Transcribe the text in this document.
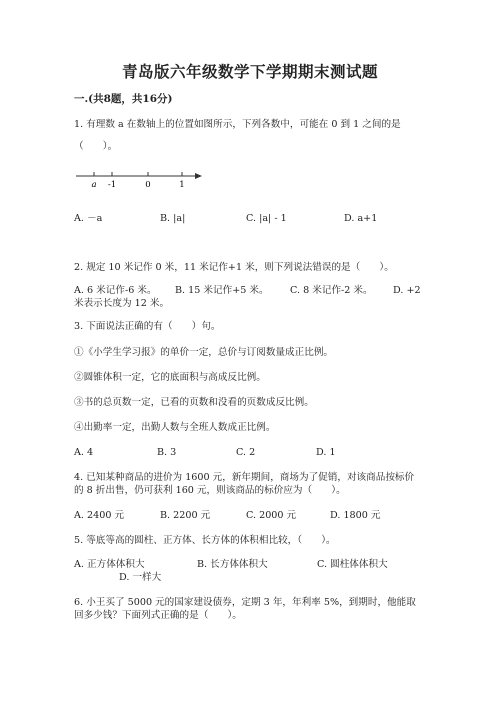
青岛版六年级数学下学期期末测试题
一.(共8题，共16分)
1. 有理数 a 在数轴上的位置如图所示，下列各数中，可能在 0 到 1 之间的是
（　　）。
a -1	0	1
A. －a	B. |a|	C. |a| - 1	D. a+1
2. 规定 10 米记作 0 米，11 米记作+1 米，则下列说法错误的是（　　）。
A. 6 米记作-6 米。 B. 15 米记作+5 米。 C. 8 米记作-2 米。 D. +2
米表示长度为 12 米。
3. 下面说法正确的有（　　）句。
①《小学生学习报》的单价一定，总价与订阅数量成正比例。
②圆锥体积一定，它的底面积与高成反比例。
③书的总页数一定，已看的页数和没看的页数成反比例。
④出勤率一定，出勤人数与全班人数成正比例。
A. 4	B. 3	C. 2	D. 1
4. 已知某种商品的进价为 1600 元，新年期间，商场为了促销，对该商品按标价
的 8 折出售，仍可获利 160 元，则该商品的标价应为（　　）。
A. 2400 元	B. 2200 元	C. 2000 元	D. 1800 元
5. 等底等高的圆柱、正方体、长方体的体积相比较，（　　）。
A. 正方体体积大	B. 长方体体积大	C. 圆柱体体积大
D. 一样大
6. 小王买了 5000 元的国家建设债券，定期 3 年，年利率 5%，到期时，他能取
回多少钱？下面列式正确的是（　　）。
